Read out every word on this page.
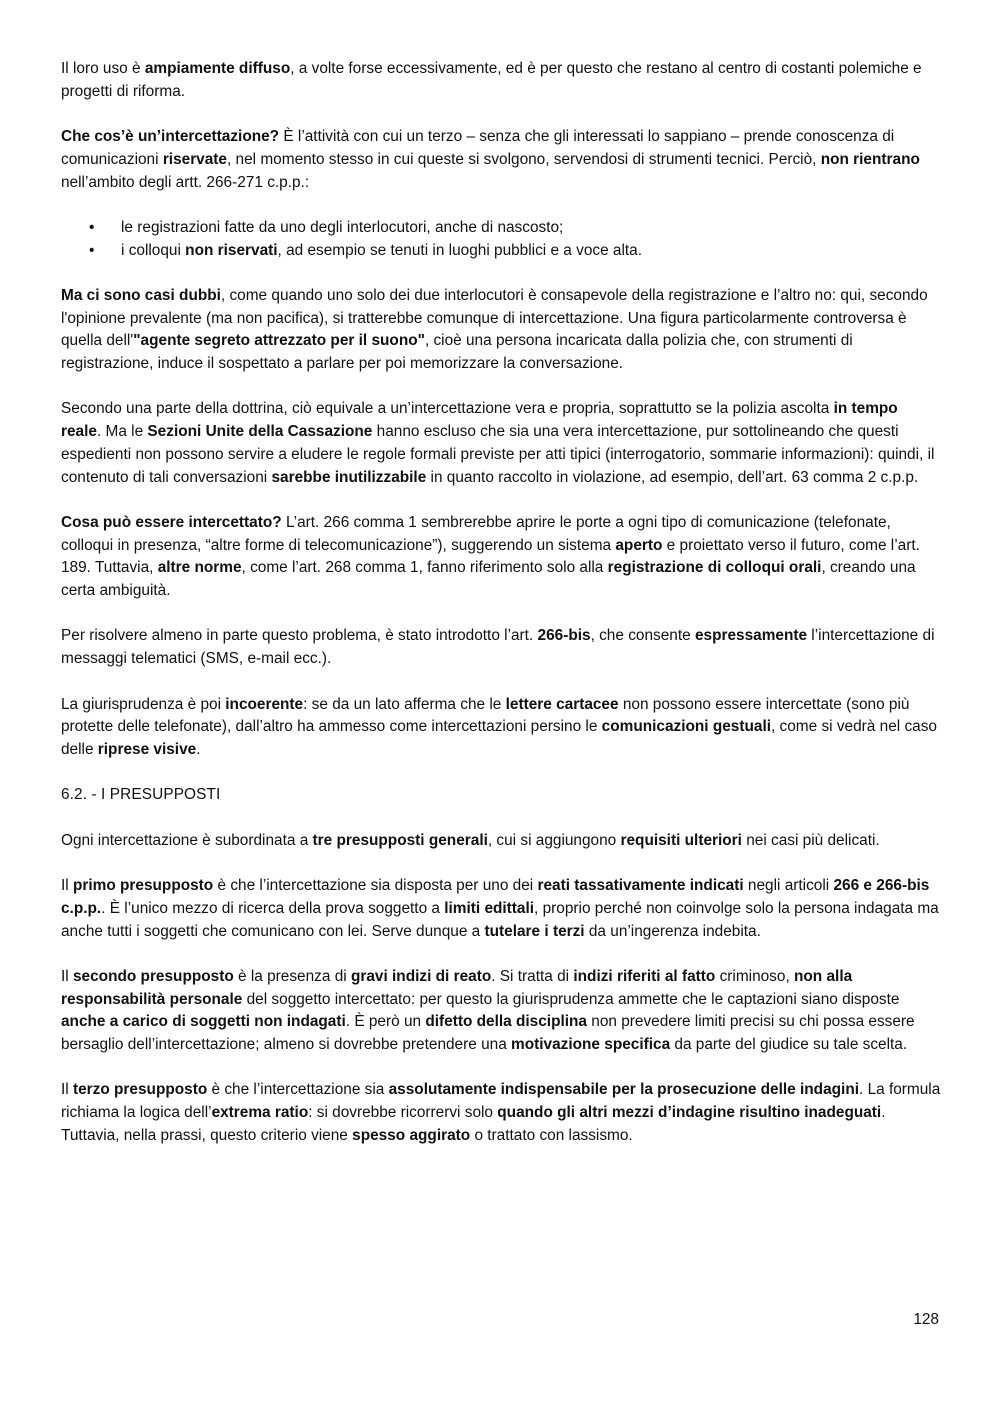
Il loro uso è ampiamente diffuso, a volte forse eccessivamente, ed è per questo che restano al centro di costanti polemiche e progetti di riforma.

Che cos’è un’intercettazione? È l’attività con cui un terzo – senza che gli interessati lo sappiano – prende conoscenza di comunicazioni riservate, nel momento stesso in cui queste si svolgono, servendosi di strumenti tecnici. Perciò, non rientrano nell’ambito degli artt. 266-271 c.p.p.:

• le registrazioni fatte da uno degli interlocutori, anche di nascosto;
• i colloqui non riservati, ad esempio se tenuti in luoghi pubblici e a voce alta.

Ma ci sono casi dubbi, come quando uno solo dei due interlocutori è consapevole della registrazione e l’altro no: qui, secondo l'opinione prevalente (ma non pacifica), si tratterebbe comunque di intercettazione. Una figura particolarmente controversa è quella dell'"agente segreto attrezzato per il suono", cioè una persona incaricata dalla polizia che, con strumenti di registrazione, induce il sospettato a parlare per poi memorizzare la conversazione.

Secondo una parte della dottrina, ciò equivale a un’intercettazione vera e propria, soprattutto se la polizia ascolta in tempo reale. Ma le Sezioni Unite della Cassazione hanno escluso che sia una vera intercettazione, pur sottolineando che questi espedienti non possono servire a eludere le regole formali previste per atti tipici (interrogatorio, sommarie informazioni): quindi, il contenuto di tali conversazioni sarebbe inutilizzabile in quanto raccolto in violazione, ad esempio, dell’art. 63 comma 2 c.p.p.

Cosa può essere intercettato? L’art. 266 comma 1 sembrerebbe aprire le porte a ogni tipo di comunicazione (telefonate, colloqui in presenza, “altre forme di telecomunicazione”), suggerendo un sistema aperto e proiettato verso il futuro, come l’art. 189. Tuttavia, altre norme, come l’art. 268 comma 1, fanno riferimento solo alla registrazione di colloqui orali, creando una certa ambiguità.

Per risolvere almeno in parte questo problema, è stato introdotto l’art. 266-bis, che consente espressamente l’intercettazione di messaggi telematici (SMS, e-mail ecc.).

La giurisprudenza è poi incoerente: se da un lato afferma che le lettere cartacee non possono essere intercettate (sono più protette delle telefonate), dall’altro ha ammesso come intercettazioni persino le comunicazioni gestuali, come si vedrà nel caso delle riprese visive.

6.2. - I PRESUPPOSTI

Ogni intercettazione è subordinata a tre presupposti generali, cui si aggiungono requisiti ulteriori nei casi più delicati.

Il primo presupposto è che l’intercettazione sia disposta per uno dei reati tassativamente indicati negli articoli 266 e 266-bis c.p.p.. È l’unico mezzo di ricerca della prova soggetto a limiti edittali, proprio perché non coinvolge solo la persona indagata ma anche tutti i soggetti che comunicano con lei. Serve dunque a tutelare i terzi da un’ingerenza indebita.

Il secondo presupposto è la presenza di gravi indizi di reato. Si tratta di indizi riferiti al fatto criminoso, non alla responsabilità personale del soggetto intercettato: per questo la giurisprudenza ammette che le captazioni siano disposte anche a carico di soggetti non indagati. È però un difetto della disciplina non prevedere limiti precisi su chi possa essere bersaglio dell’intercettazione; almeno si dovrebbe pretendere una motivazione specifica da parte del giudice su tale scelta.

Il terzo presupposto è che l’intercettazione sia assolutamente indispensabile per la prosecuzione delle indagini. La formula richiama la logica dell’extrema ratio: si dovrebbe ricorrervi solo quando gli altri mezzi d’indagine risultino inadeguati. Tuttavia, nella prassi, questo criterio viene spesso aggirato o trattato con lassismo.

128
